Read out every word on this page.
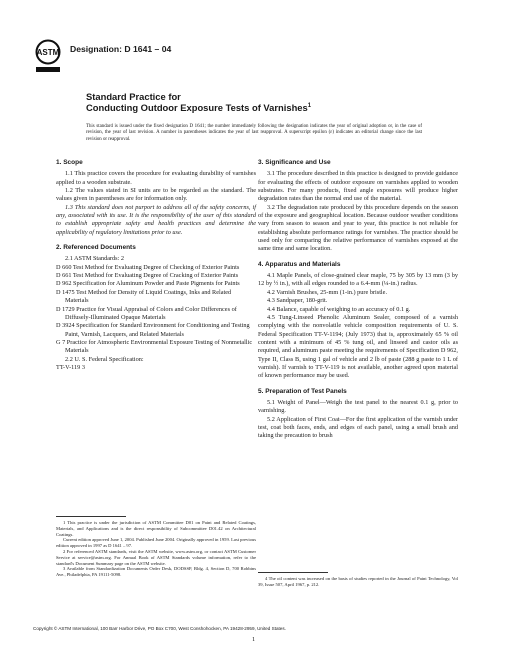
ASTM Designation: D 1641 – 04
Standard Practice for
Conducting Outdoor Exposure Tests of Varnishes$^1$
This standard is issued under the fixed designation D 1641; the number immediately following the designation indicates the year of original adoption or, in the case of revision, the year of last revision. A number in parentheses indicates the year of last reapproval. A superscript epsilon (ε) indicates an editorial change since the last revision or reapproval.
1. Scope

1.1 This practice covers the procedure for evaluating durability of varnishes applied to a wooden substrate.

1.2 The values stated in SI units are to be regarded as the standard. The values given in parentheses are for information only.

1.3 This standard does not purport to address all of the safety concerns, if any, associated with its use. It is the responsibility of the user of this standard to establish appropriate safety and health practices and determine the applicability of regulatory limitations prior to use.

2. Referenced Documents

2.1 ASTM Standards: 2

D 660 Test Method for Evaluating Degree of Checking of Exterior Paints
D 661 Test Method for Evaluating Degree of Cracking of Exterior Paints
D 962 Specification for Aluminum Powder and Paste Pigments for Paints
D 1475 Test Method for Density of Liquid Coatings, Inks and Related Materials
D 1729 Practice for Visual Appraisal of Colors and Color Differences of Diffusely-Illuminated Opaque Materials
D 3924 Specification for Standard Environment for Conditioning and Testing Paint, Varnish, Lacquers, and Related Materials
G 7 Practice for Atmospheric Environmental Exposure Testing of Nonmetallic Materials

2.2 U. S. Federal Specification:

TT-V-119 3

1 This practice is under the jurisdiction of ASTM Committee D01 on Paint and Related Coatings, Materials, and Applications and is the direct responsibility of Subcommittee D01.42 on Architectural Coatings.

Current edition approved June 1, 2004. Published June 2004. Originally approved in 1959. Last previous edition approved in 1997 as D 1641 – 97.

2 For referenced ASTM standards, visit the ASTM website, www.astm.org, or contact ASTM Customer Service at service@astm.org. For Annual Book of ASTM Standards volume information, refer to the standard's Document Summary page on the ASTM website.

3 Available from Standardization Documents Order Desk, DODSSP, Bldg. 4, Section D, 700 Robbins Ave., Philadelphia, PA 19111-5098.

3. Significance and Use

3.1 The procedure described in this practice is designed to provide guidance for evaluating the effects of outdoor exposure on varnishes applied to wooden substrates. For many products, fixed angle exposures will produce higher degradation rates than the normal end use of the material.

3.2 The degradation rate produced by this procedure depends on the season of the exposure and geographical location. Because outdoor weather conditions vary from season to season and year to year, this practice is not reliable for establishing absolute performance ratings for varnishes. The practice should be used only for comparing the relative performance of varnishes exposed at the same time and same location.

4. Apparatus and Materials

4.1 Maple Panels, of close-grained clear maple, 75 by 305 by 13 mm (3 by 12 by ½ in.), with all edges rounded to a 6.4-mm (¼-in.) radius.

4.2 Varnish Brushes, 25-mm (1-in.) pure bristle.

4.3 Sandpaper, 180-grit.

4.4 Balance, capable of weighing to an accuracy of 0.1 g.

4.5 Tung-Linseed Phenolic Aluminum Sealer, composed of a varnish complying with the nonvolatile vehicle composition requirements of U. S. Federal Specification TT-V-1194; (July 1973) that is, approximately 65 % oil content with a minimum of 45 % tung oil, and linseed and castor oils as required, and aluminum paste meeting the requirements of Specification D 962, Type II, Class B, using 1 gal of vehicle and 2 lb of paste (288 g paste to 1 L of varnish). If varnish to TT-V-119 is not available, another agreed upon material of known performance may be used.

5. Preparation of Test Panels

5.1 Weight of Panel—Weigh the test panel to the nearest 0.1 g, prior to varnishing.

5.2 Application of First Coat—For the first application of the varnish under test, coat both faces, ends, and edges of each panel, using a small brush and taking the precaution to brush

4 The oil content was increased on the basis of studies reported in the Journal of Paint Technology, Vol 39, Issue 507, April 1967, p. 212.

Copyright © ASTM International, 100 Barr Harbor Drive, PO Box C700, West Conshohocken, PA 19428-2959, United States.
1
